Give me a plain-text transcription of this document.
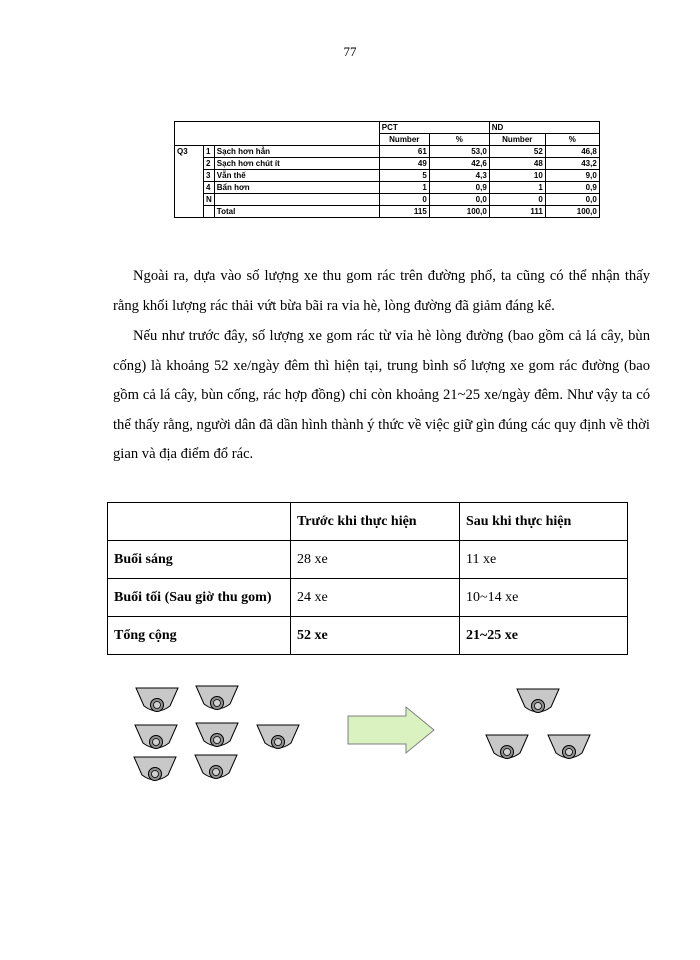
77
			PCT		ND	
			Number	%	Number	%
Q3	1	Sạch hơn hẳn	61	53,0	52	46,8
	2	Sạch hơn chút ít	49	42,6	48	43,2
	3	Vẫn thế	5	4,3	10	9,0
	4	Bẩn hơn	1	0,9	1	0,9
	N		0	0,0	0	0,0
		Total	115	100,0	111	100,0

Ngoài ra, dựa vào số lượng xe thu gom rác trên đường phố, ta cũng có thể nhận thấy rằng khối lượng rác thải vứt bừa bãi ra vỉa hè, lòng đường đã giảm đáng kể.

Nếu như trước đây, số lượng xe gom rác từ vỉa hè lòng đường (bao gồm cả lá cây, bùn cống) là khoảng 52 xe/ngày đêm thì hiện tại, trung bình số lượng xe gom rác đường (bao gồm cả lá cây, bùn cống, rác hợp đồng) chỉ còn khoảng 21~25 xe/ngày đêm. Như vậy ta có thể thấy rằng, người dân đã dần hình thành ý thức về việc giữ gìn đúng các quy định về thời gian và địa điểm đổ rác.

	Trước khi thực hiện	Sau khi thực hiện
Buổi sáng	28 xe	11 xe
Buổi tối (Sau giờ thu gom)	24 xe	10~14 xe
Tổng cộng	52 xe	21~25 xe
